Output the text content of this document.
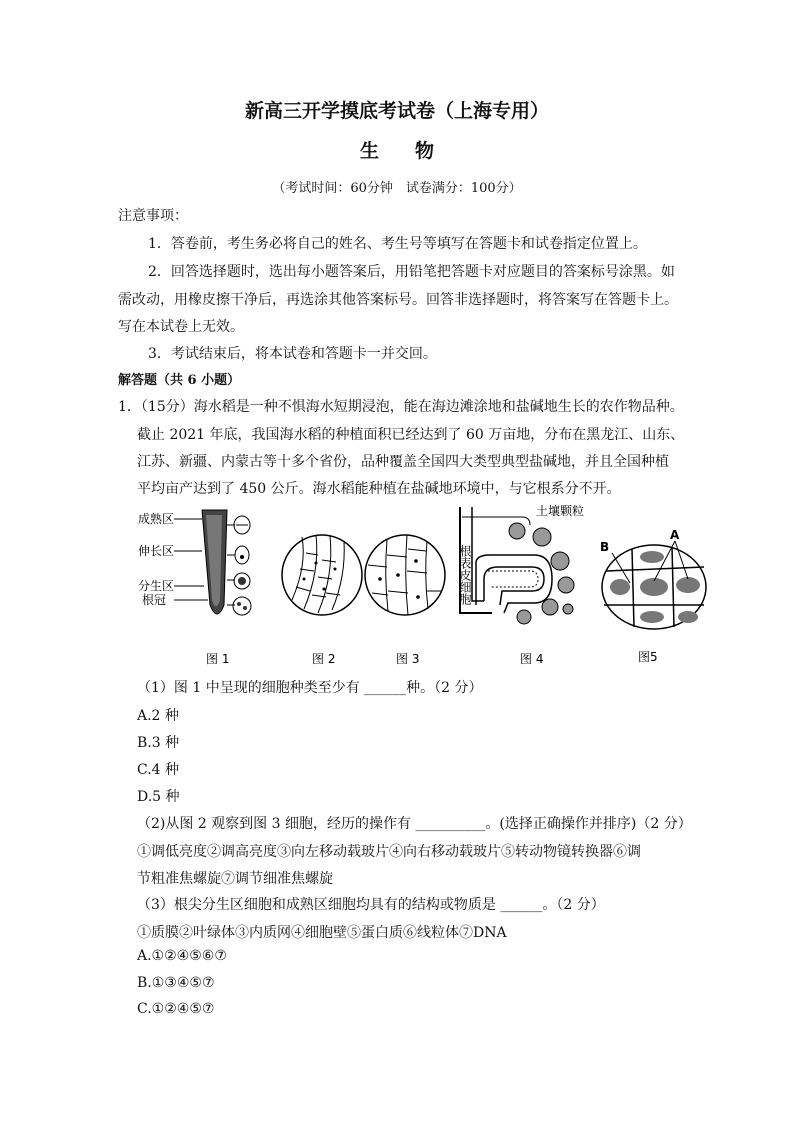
新高三开学摸底考试卷（上海专用）
生物
（考试时间：60分钟　试卷满分：100分）
注意事项：
1．答卷前，考生务必将自己的姓名、考生号等填写在答题卡和试卷指定位置上。
2．回答选择题时，选出每小题答案后，用铅笔把答题卡对应题目的答案标号涂黑。如
需改动，用橡皮擦干净后，再选涂其他答案标号。回答非选择题时，将答案写在答题卡上。
写在本试卷上无效。
3．考试结束后，将本试卷和答题卡一并交回。
解答题（共 6 小题）
1．（15分）海水稻是一种不惧海水短期浸泡，能在海边滩涂地和盐碱地生长的农作物品种。
截止 2021 年底，我国海水稻的种植面积已经达到了 60 万亩地，分布在黑龙江、山东、
江苏、新疆、内蒙古等十多个省份，品种覆盖全国四大类型典型盐碱地，并且全国种植
平均亩产达到了 450 公斤。海水稻能种植在盐碱地环境中，与它根系分不开。
成熟区
伸长区
分生区
根冠
图 1	图 2	图 3
根表皮细胞
土壤颗粒
图 4
B
A
图5
（1）图 1 中呈现的细胞种类至少有 ______种。（2 分）
A.2 种
B.3 种
C.4 种
D.5 种
（2)从图 2 观察到图 3 细胞，经历的操作有 __________。(选择正确操作并排序)（2 分）
①调低亮度②调高亮度③向左移动载玻片④向右移动载玻片⑤转动物镜转换器⑥调
节粗准焦螺旋⑦调节细准焦螺旋
（3）根尖分生区细胞和成熟区细胞均具有的结构或物质是 ______。（2 分）
①质膜②叶绿体③内质网④细胞壁⑤蛋白质⑥线粒体⑦DNA
A.①②④⑤⑥⑦
B.①③④⑤⑦
C.①②④⑤⑦
